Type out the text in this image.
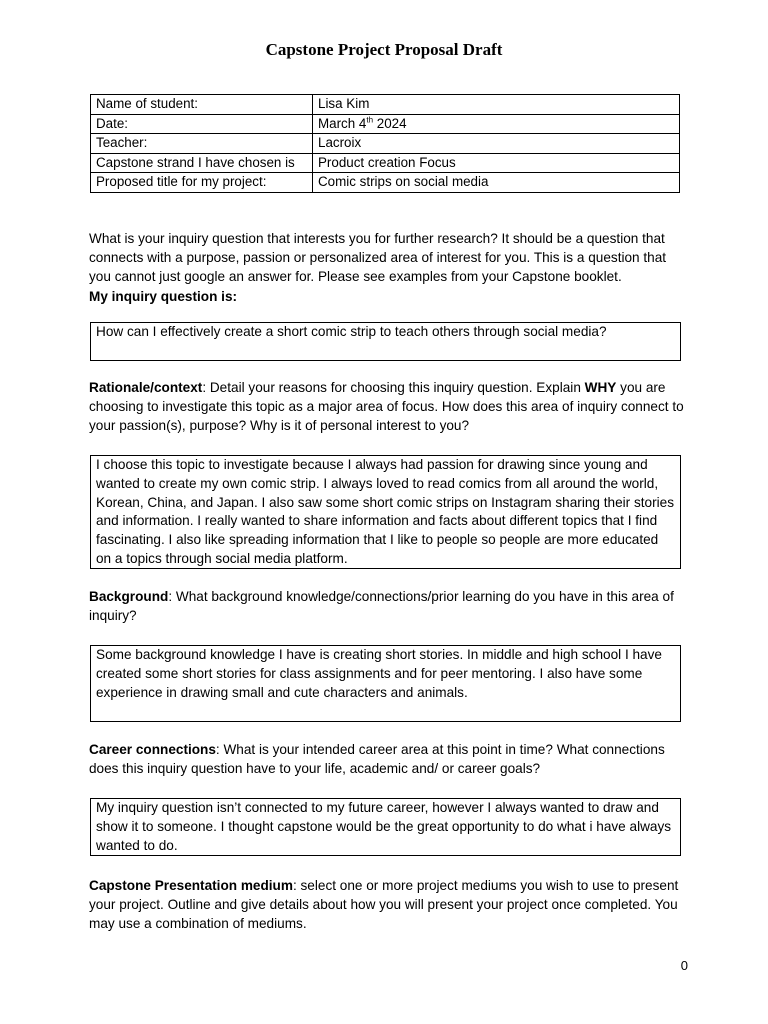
Capstone Project Proposal Draft
Name of student:	Lisa Kim
Date:	March 4th 2024
Teacher:	Lacroix
Capstone strand I have chosen is	Product creation Focus
Proposed title for my project:	Comic strips on social media
What is your inquiry question that interests you for further research? It should be a question that connects with a purpose, passion or personalized area of interest for you. This is a question that you cannot just google an answer for. Please see examples from your Capstone booklet.
My inquiry question is:
How can I effectively create a short comic strip to teach others through social media?
Rationale/context: Detail your reasons for choosing this inquiry question. Explain WHY you are choosing to investigate this topic as a major area of focus. How does this area of inquiry connect to your passion(s), purpose? Why is it of personal interest to you?
I choose this topic to investigate because I always had passion for drawing since young and wanted to create my own comic strip. I always loved to read comics from all around the world, Korean, China, and Japan. I also saw some short comic strips on Instagram sharing their stories and information. I really wanted to share information and facts about different topics that I find fascinating. I also like spreading information that I like to people so people are more educated on a topics through social media platform.
Background: What background knowledge/connections/prior learning do you have in this area of inquiry?
Some background knowledge I have is creating short stories. In middle and high school I have created some short stories for class assignments and for peer mentoring. I also have some experience in drawing small and cute characters and animals.
Career connections: What is your intended career area at this point in time? What connections does this inquiry question have to your life, academic and/ or career goals?
My inquiry question isn’t connected to my future career, however I always wanted to draw and show it to someone. I thought capstone would be the great opportunity to do what i have always wanted to do.
Capstone Presentation medium: select one or more project mediums you wish to use to present your project. Outline and give details about how you will present your project once completed. You may use a combination of mediums.
0
